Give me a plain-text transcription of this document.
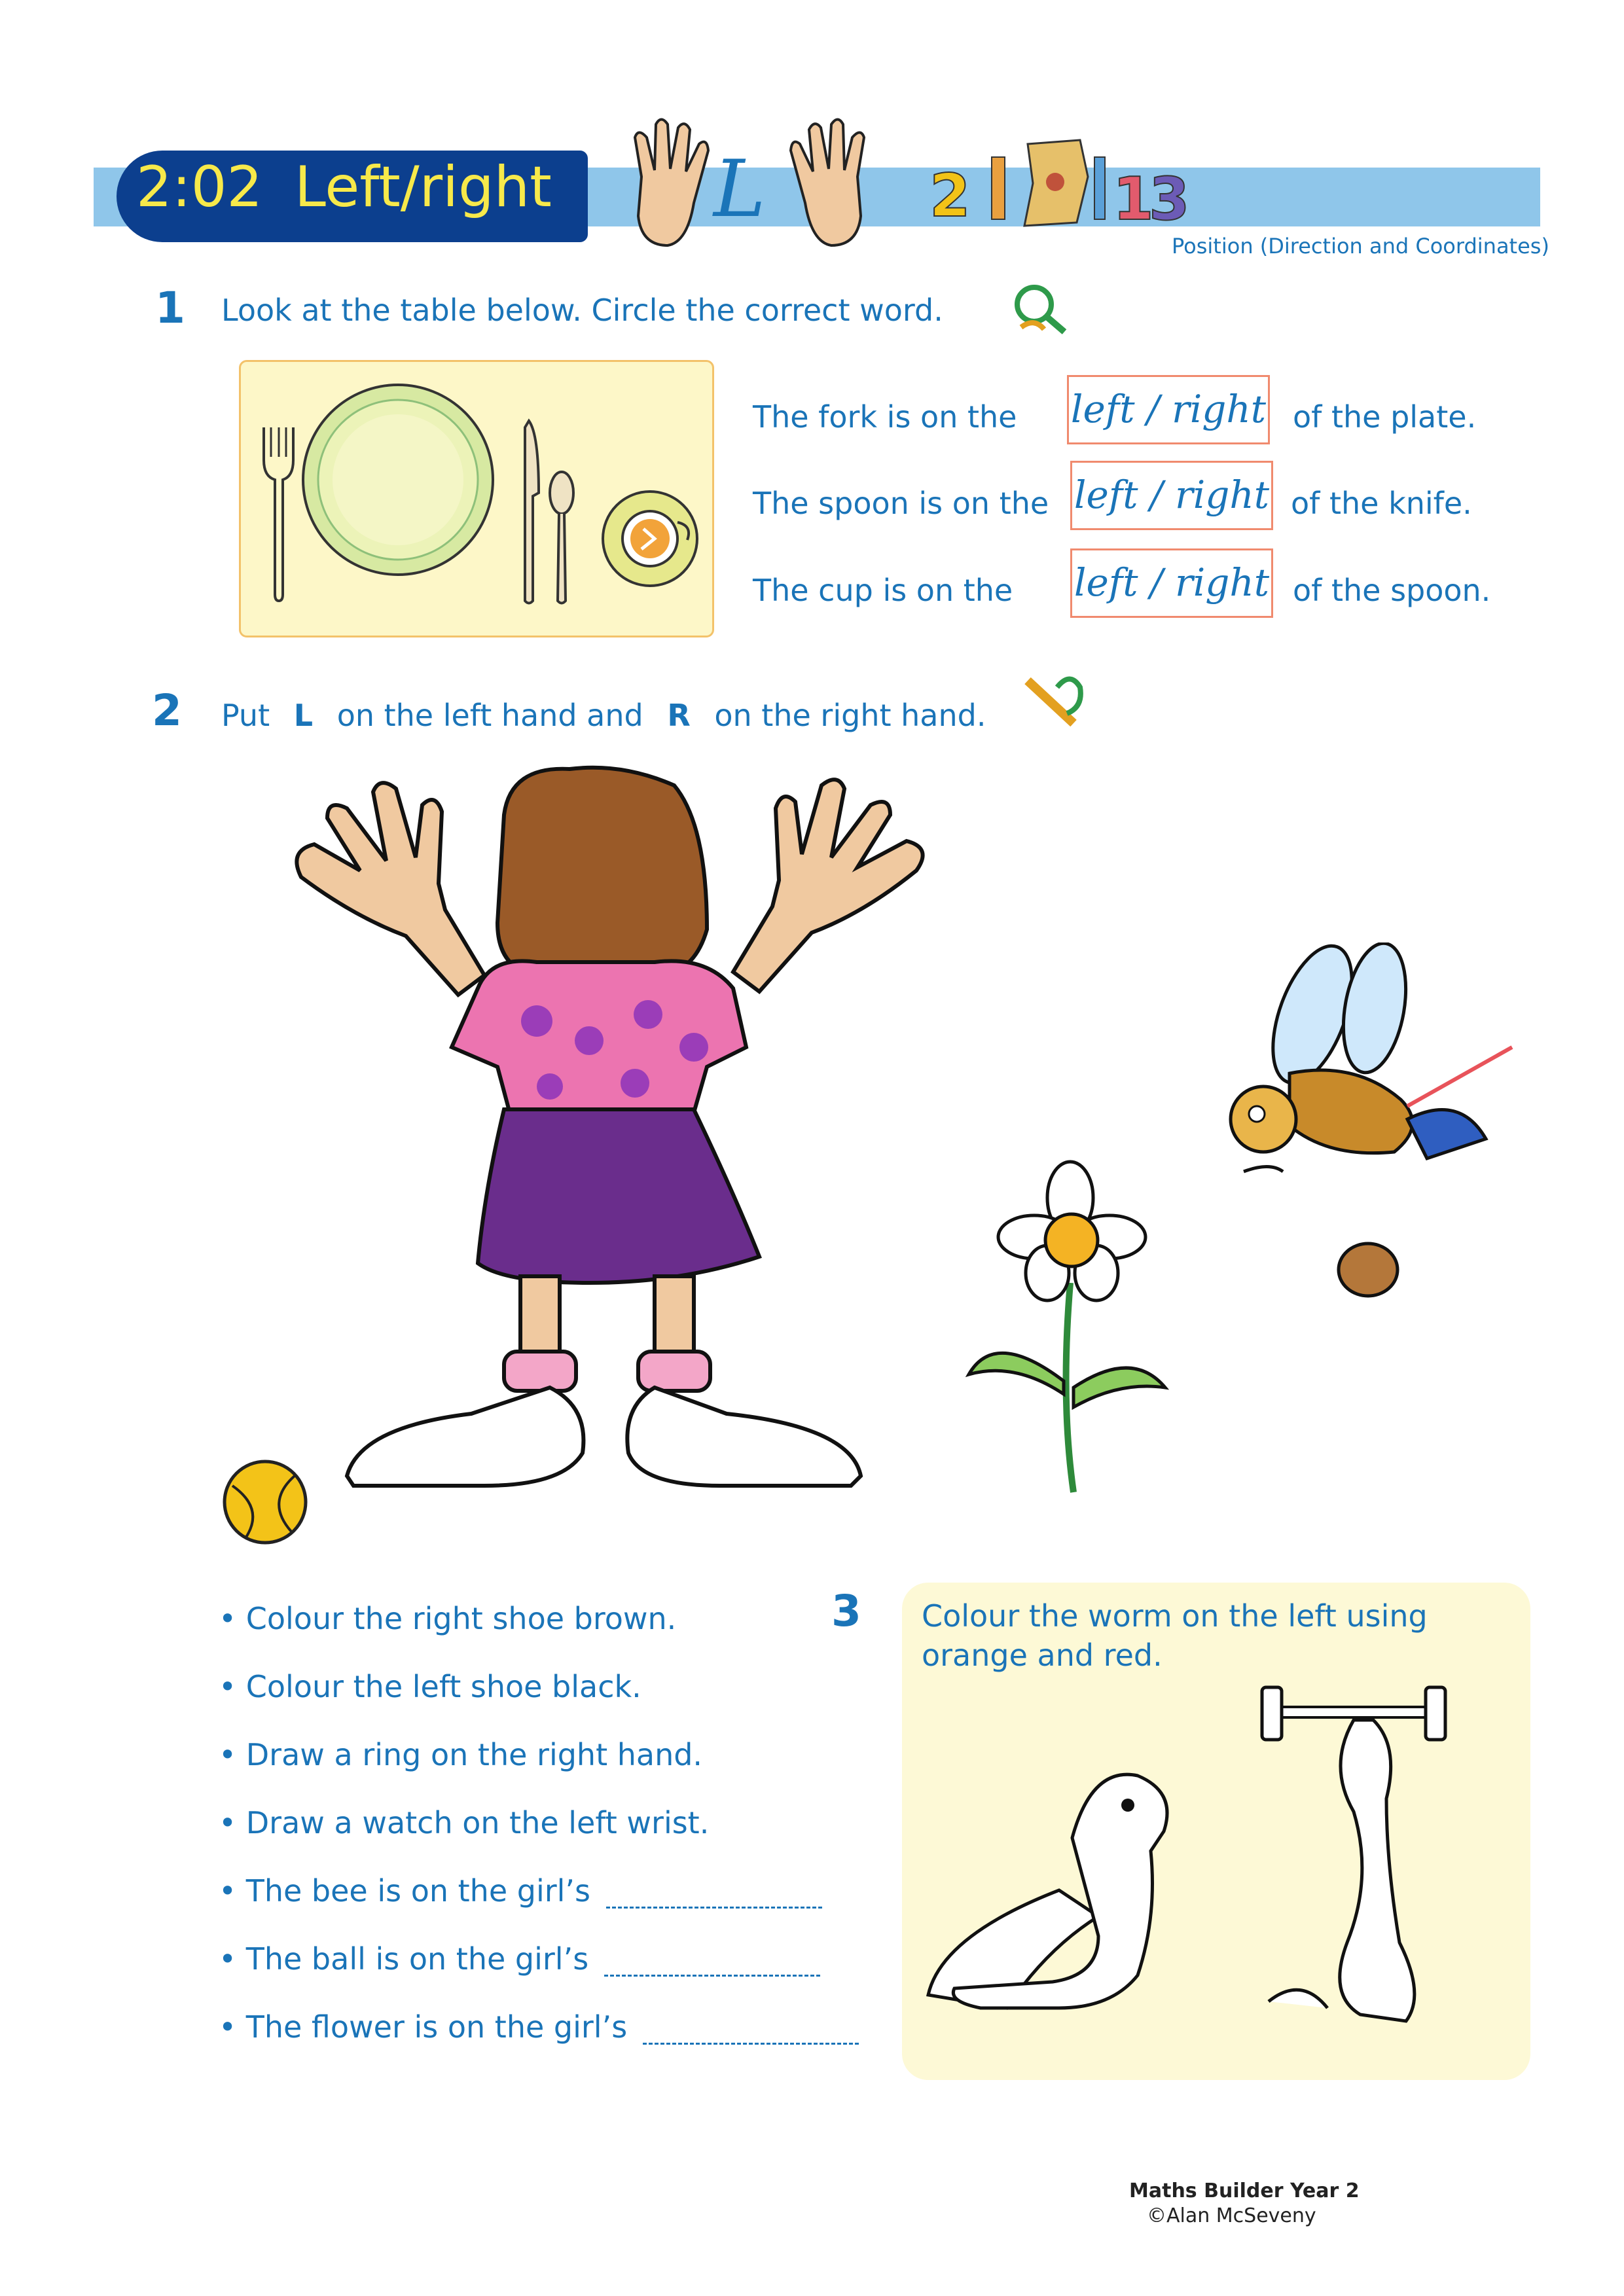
2:02 Left/right L	2 1
3
Position (Direction and Coordinates)
1 Look at the table below. Circle the correct word.
The fork is on the left / right of the plate.
The spoon is on the left / right of the knife.
The cup is on the left / right of the spoon.
2 Put L on the left hand and R on the right hand.
• Colour the right shoe brown.
• Colour the left shoe black.
• Draw a ring on the right hand.
• Draw a watch on the left wrist.
• The bee is on the girl’s
• The ball is on the girl’s
• The flower is on the girl’s
3 Colour the worm on the left using
orange and red.
Maths Builder Year 2
©Alan McSeveny
